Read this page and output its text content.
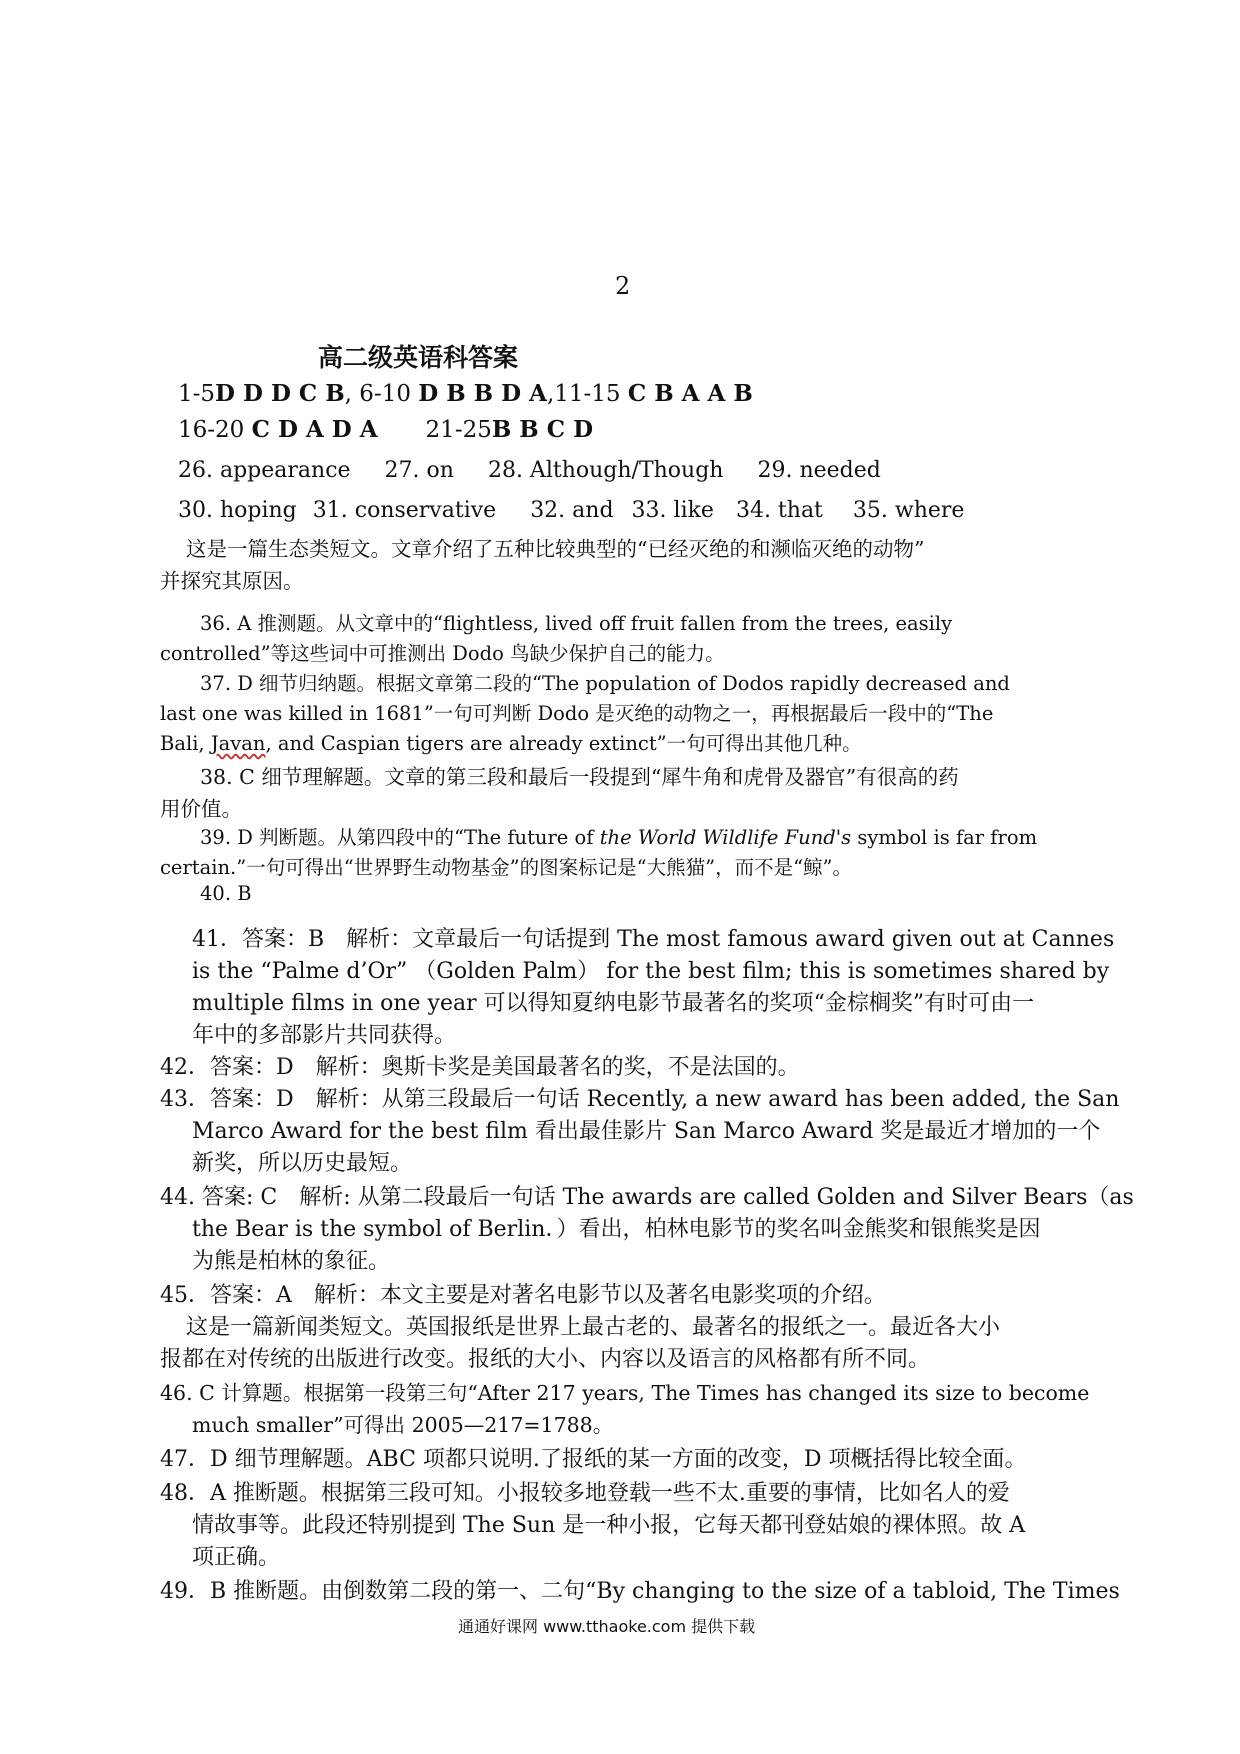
2
高二级英语科答案
1-5D D D C B, 6-10 D B B D A,11-15 C B A A B
16-20 C D A D A 21-25B B C D
26. appearance 27. on 28. Although/Though 29. needed
30. hoping 31. conservative 32. and 33. like 34. that 35. where
这是一篇生态类短文。文章介绍了五种比较典型的“已经灭绝的和濒临灭绝的动物”
并探究其原因。
36. A 推测题。从文章中的“flightless, lived off fruit fallen from the trees, easily
controlled”等这些词中可推测出 Dodo 鸟缺少保护自己的能力。
37. D 细节归纳题。根据文章第二段的“The population of Dodos rapidly decreased and
last one was killed in 1681”一句可判断 Dodo 是灭绝的动物之一，再根据最后一段中的“The
Bali, Javan, and Caspian tigers are already extinct”一句可得出其他几种。
38. C 细节理解题。文章的第三段和最后一段提到“犀牛角和虎骨及器官”有很高的药
用价值。
39. D 判断题。从第四段中的“The future of the World Wildlife Fund's symbol is far from
certain.”一句可得出“世界野生动物基金”的图案标记是“大熊猫”，而不是“鲸”。
40. B
41．答案：B　解析：文章最后一句话提到 The most famous award given out at Cannes
is the “Palme d’Or” （Golden Palm） for the best film; this is sometimes shared by
multiple films in one year 可以得知夏纳电影节最著名的奖项“金棕榈奖”有时可由一
年中的多部影片共同获得。
42．答案：D　解析：奥斯卡奖是美国最著名的奖，不是法国的。
43．答案：D　解析：从第三段最后一句话 Recently, a new award has been added, the San
Marco Award for the best film 看出最佳影片 San Marco Award 奖是最近才增加的一个
新奖，所以历史最短。
44. 答案: C　解析: 从第二段最后一句话 The awards are called Golden and Silver Bears（as
the Bear is the symbol of Berlin．）看出，柏林电影节的奖名叫金熊奖和银熊奖是因
为熊是柏林的象征。
45．答案：A　解析：本文主要是对著名电影节以及著名电影奖项的介绍。
这是一篇新闻类短文。英国报纸是世界上最古老的、最著名的报纸之一。最近各大小
报都在对传统的出版进行改变。报纸的大小、内容以及语言的风格都有所不同。
46. C 计算题。根据第一段第三句“After 217 years, The Times has changed its size to become
much smaller”可得出 2005—217=1788。
47．D 细节理解题。ABC 项都只说明.了报纸的某一方面的改变，D 项概括得比较全面。
48．A 推断题。根据第三段可知。小报较多地登载一些不太.重要的事情，比如名人的爱
情故事等。此段还特别提到 The Sun 是一种小报，它每天都刊登姑娘的裸体照。故 A
项正确。
49．B 推断题。由倒数第二段的第一、二句“By changing to the size of a tabloid, The Times
通通好课网 www.tthaoke.com 提供下载
